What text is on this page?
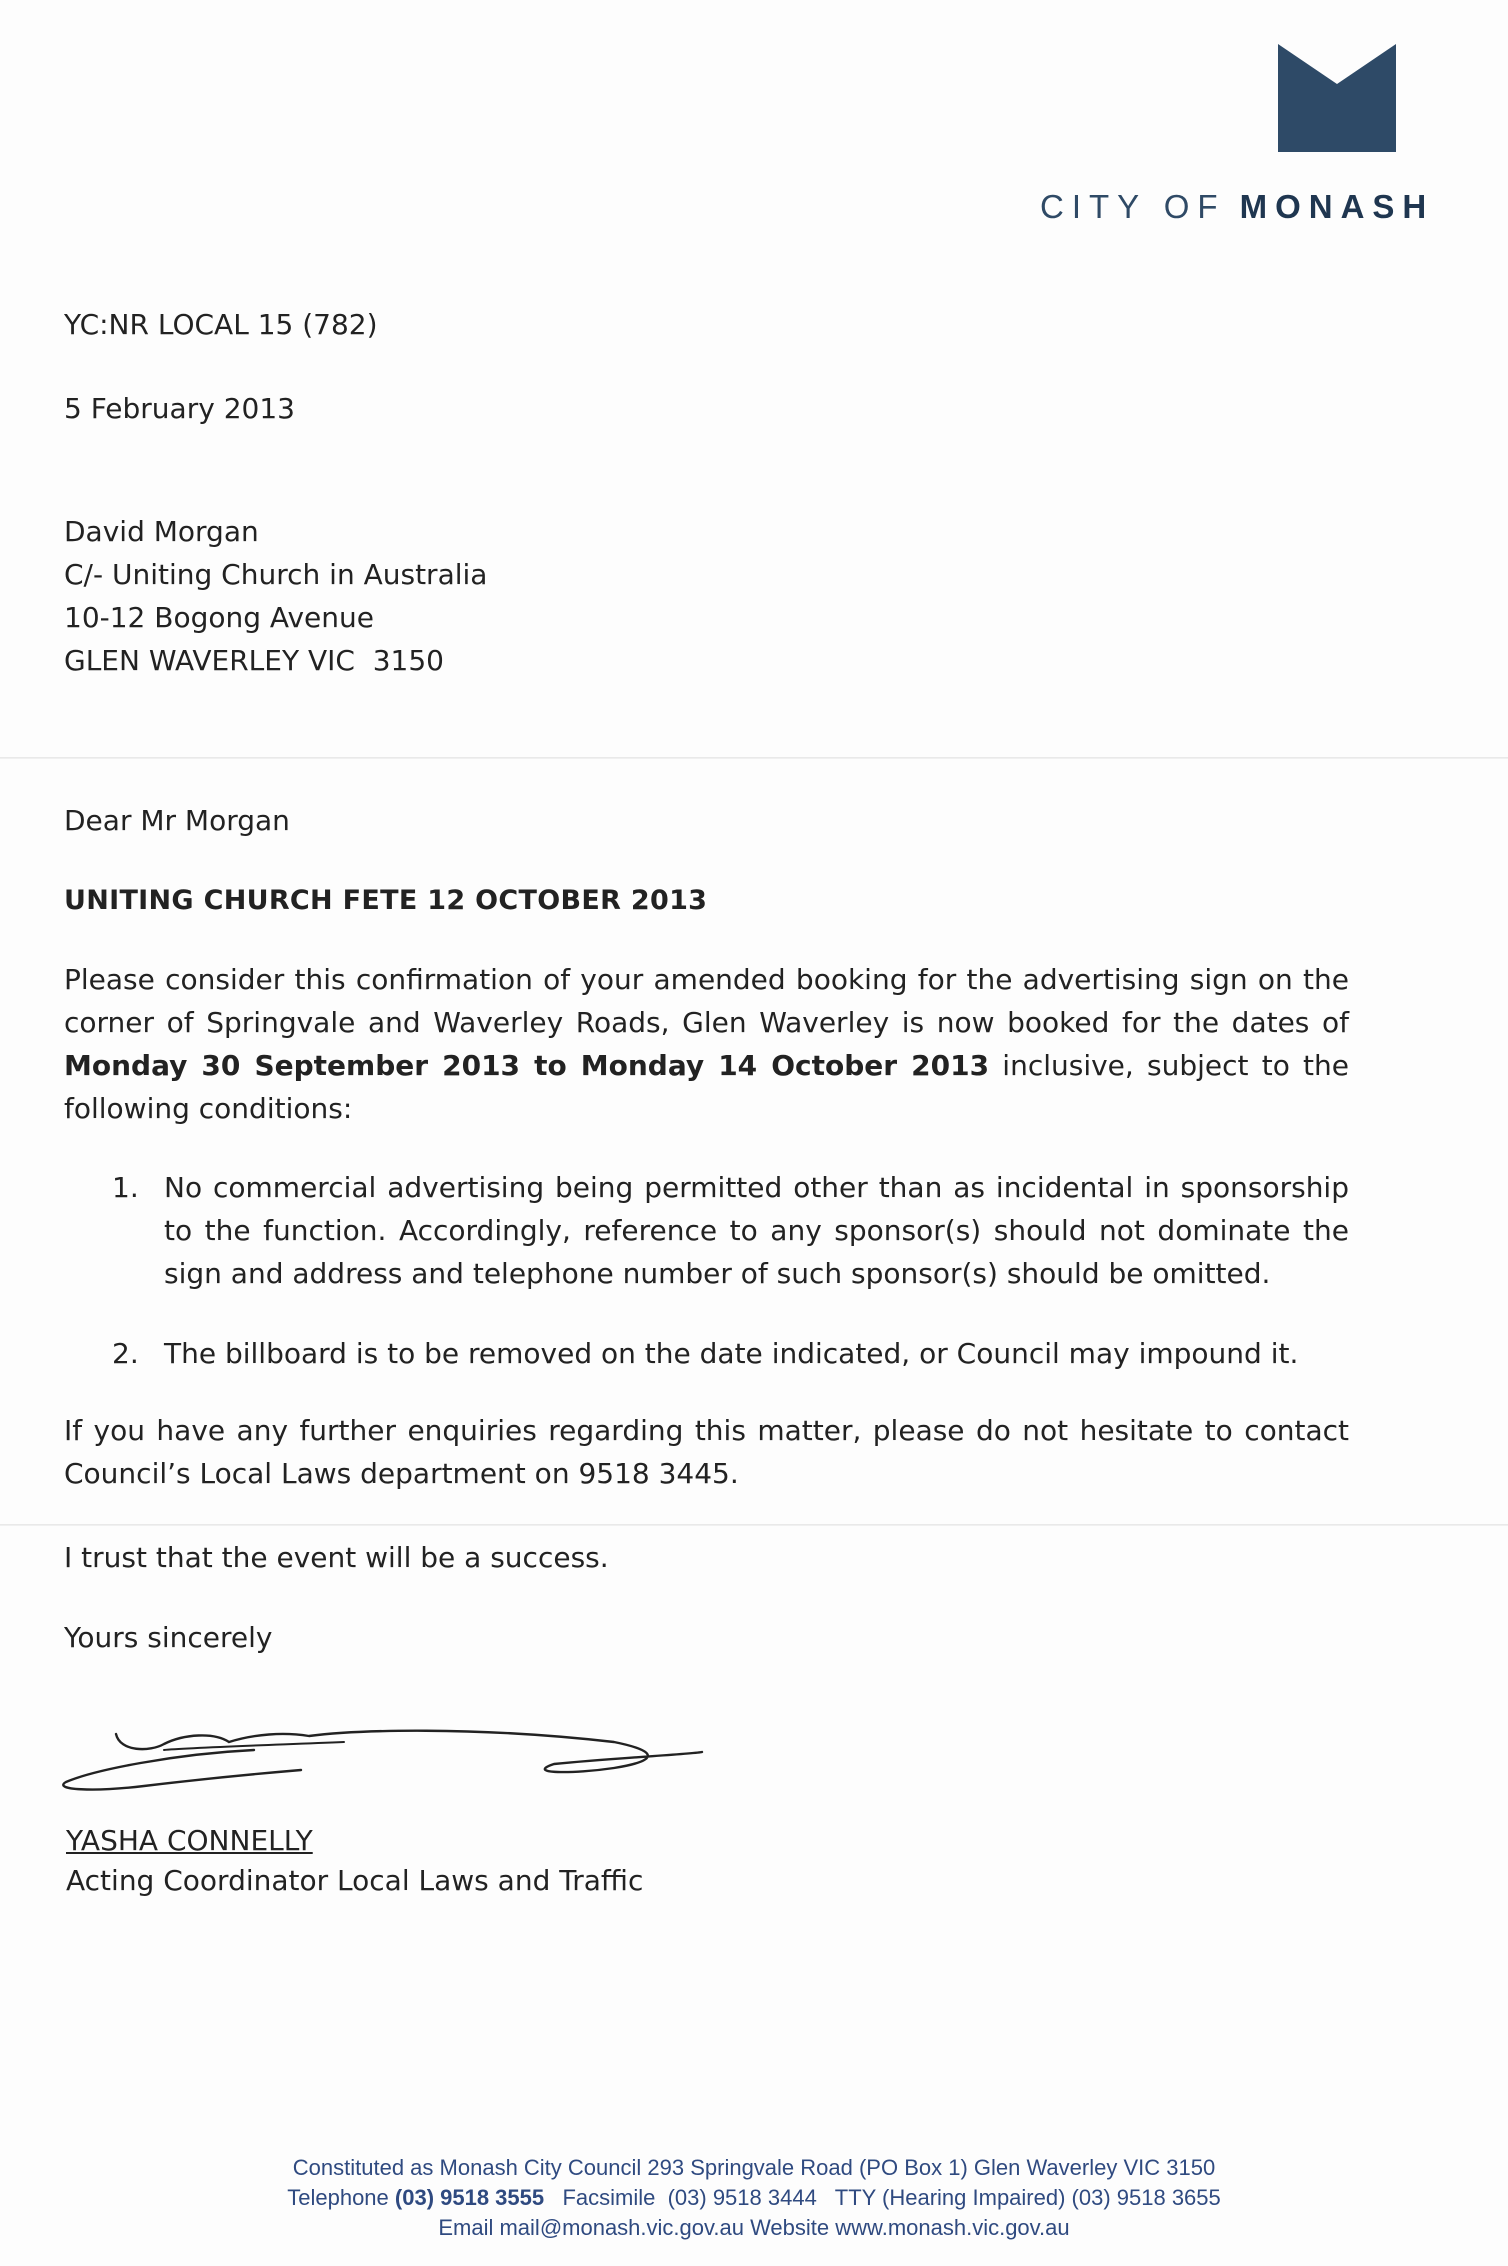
CITY OF MONASH
YC:NR LOCAL 15 (782)
5 February 2013
David Morgan
C/- Uniting Church in Australia
10-12 Bogong Avenue
GLEN WAVERLEY VIC  3150
Dear Mr Morgan
UNITING CHURCH FETE 12 OCTOBER 2013
Please consider this confirmation of your amended booking for the advertising sign on the corner of Springvale and Waverley Roads, Glen Waverley is now booked for the dates of Monday 30 September 2013 to Monday 14 October 2013 inclusive, subject to the following conditions:
1. No commercial advertising being permitted other than as incidental in sponsorship to the function. Accordingly, reference to any sponsor(s) should not dominate the sign and address and telephone number of such sponsor(s) should be omitted.
2. The billboard is to be removed on the date indicated, or Council may impound it.
If you have any further enquiries regarding this matter, please do not hesitate to contact Council’s Local Laws department on 9518 3445.
I trust that the event will be a success.
Yours sincerely
YASHA CONNELLY
Acting Coordinator Local Laws and Traffic
Constituted as Monash City Council 293 Springvale Road (PO Box 1) Glen Waverley VIC 3150
Telephone (03) 9518 3555   Facsimile  (03) 9518 3444   TTY (Hearing Impaired) (03) 9518 3655
Email mail@monash.vic.gov.au Website www.monash.vic.gov.au
